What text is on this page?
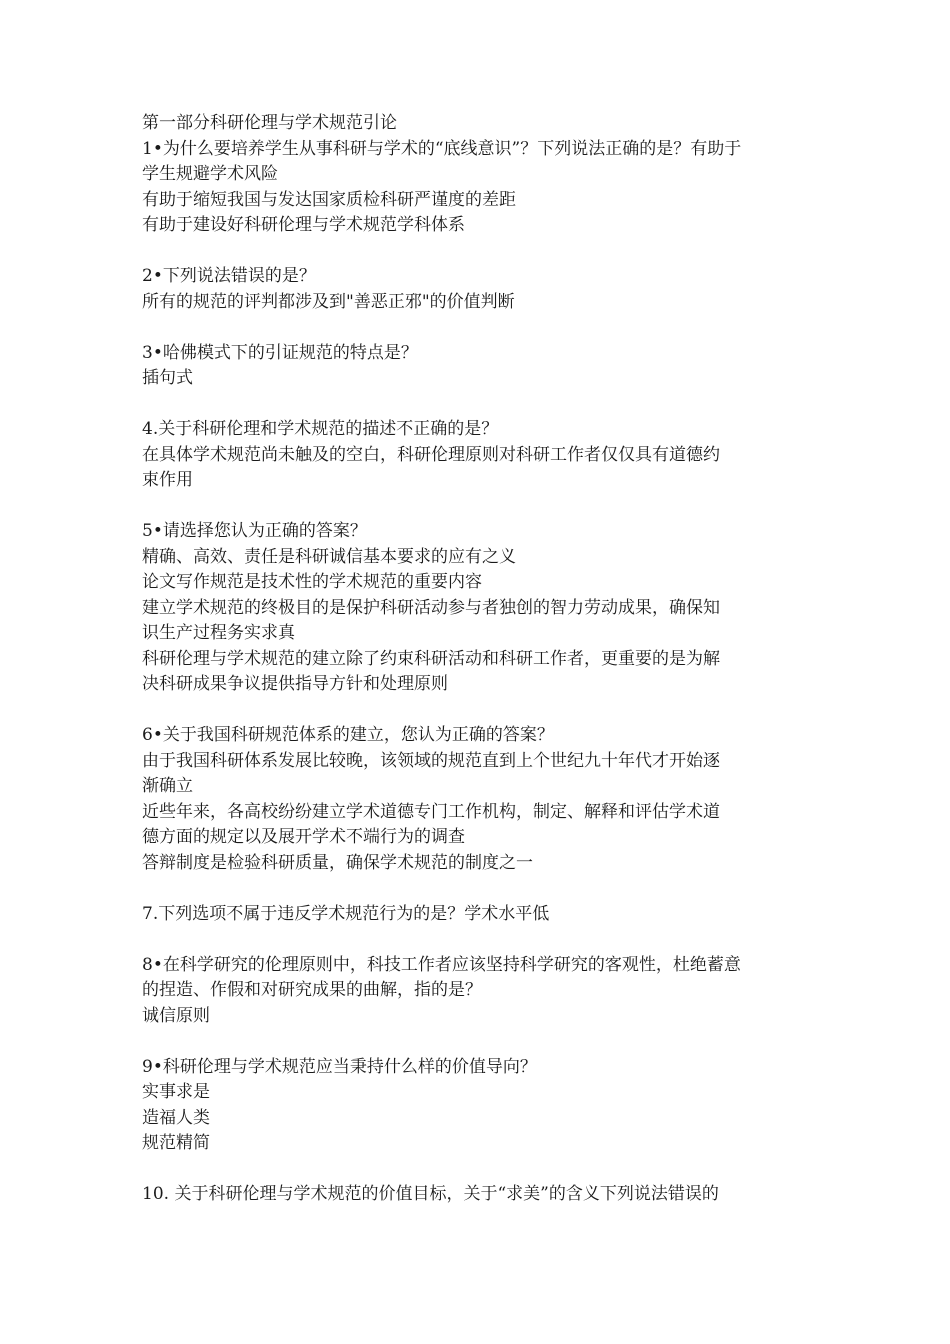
第一部分科研伦理与学术规范引论
1•为什么要培养学生从事科研与学术的“底线意识”？下列说法正确的是？有助于
学生规避学术风险
有助于缩短我国与发达国家质检科研严谨度的差距
有助于建设好科研伦理与学术规范学科体系
2•下列说法错误的是？
所有的规范的评判都涉及到"善恶正邪"的价值判断
3•哈佛模式下的引证规范的特点是？
插句式
4.关于科研伦理和学术规范的描述不正确的是？
在具体学术规范尚未触及的空白，科研伦理原则对科研工作者仅仅具有道德约
束作用
5•请选择您认为正确的答案？
精确、高效、责任是科研诚信基本要求的应有之义
论文写作规范是技术性的学术规范的重要内容
建立学术规范的终极目的是保护科研活动参与者独创的智力劳动成果，确保知
识生产过程务实求真
科研伦理与学术规范的建立除了约束科研活动和科研工作者，更重要的是为解
决科研成果争议提供指导方针和处理原则
6•关于我国科研规范体系的建立，您认为正确的答案？
由于我国科研体系发展比较晚，该领域的规范直到上个世纪九十年代才开始逐
渐确立
近些年来，各高校纷纷建立学术道德专门工作机构，制定、解释和评估学术道
德方面的规定以及展开学术不端行为的调查
答辩制度是检验科研质量，确保学术规范的制度之一
7.下列选项不属于违反学术规范行为的是？学术水平低
8•在科学研究的伦理原则中，科技工作者应该坚持科学研究的客观性，杜绝蓄意
的捏造、作假和对研究成果的曲解，指的是？
诚信原则
9•科研伦理与学术规范应当秉持什么样的价值导向？
实事求是
造福人类
规范精简
10. 关于科研伦理与学术规范的价值目标，关于“求美”的含义下列说法错误的
